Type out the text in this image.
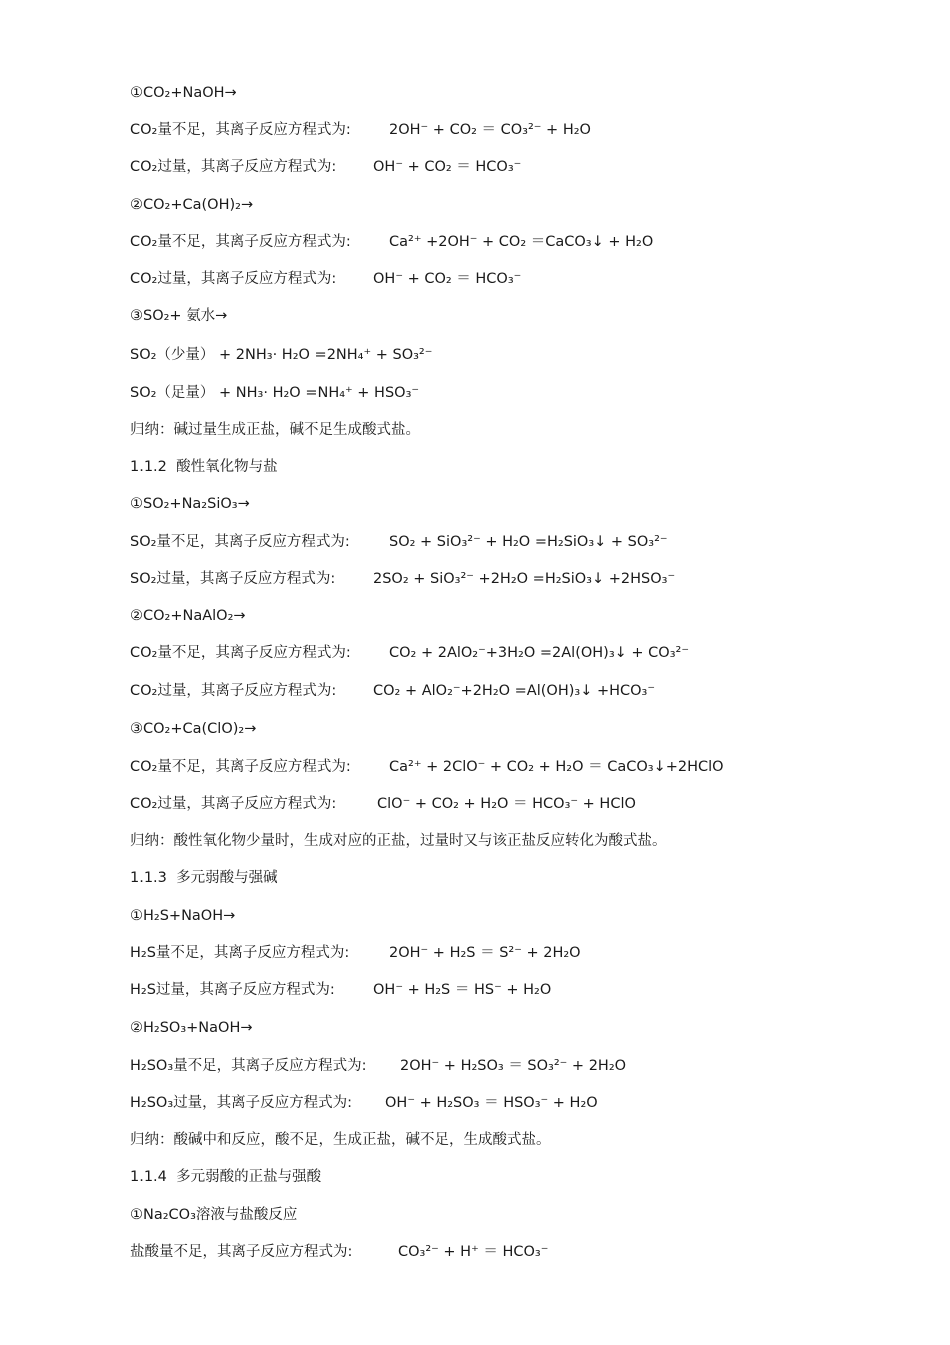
①CO₂+NaOH→
CO₂量不足，其离子反应方程式为:	2OH⁻ + CO₂ ＝ CO₃²⁻ + H₂O
CO₂过量，其离子反应方程式为:	OH⁻ + CO₂ ＝ HCO₃⁻
②CO₂+Ca(OH)₂→
CO₂量不足，其离子反应方程式为:	Ca²⁺ +2OH⁻ + CO₂ ＝CaCO₃↓ + H₂O
CO₂过量，其离子反应方程式为:	OH⁻ + CO₂ ＝ HCO₃⁻
③SO₂+ 氨水→
SO₂（少量） + 2NH₃· H₂O =2NH₄⁺ + SO₃²⁻
SO₂（足量） + NH₃· H₂O =NH₄⁺ + HSO₃⁻
归纳：碱过量生成正盐，碱不足生成酸式盐。
1.1.2  酸性氧化物与盐
①SO₂+Na₂SiO₃→
SO₂量不足，其离子反应方程式为:	SO₂ + SiO₃²⁻ + H₂O =H₂SiO₃↓ + SO₃²⁻
SO₂过量，其离子反应方程式为:	2SO₂ + SiO₃²⁻ +2H₂O =H₂SiO₃↓ +2HSO₃⁻
②CO₂+NaAlO₂→
CO₂量不足，其离子反应方程式为:	CO₂ + 2AlO₂⁻+3H₂O =2Al(OH)₃↓ + CO₃²⁻
CO₂过量，其离子反应方程式为:	CO₂ + AlO₂⁻+2H₂O =Al(OH)₃↓ +HCO₃⁻
③CO₂+Ca(ClO)₂→
CO₂量不足，其离子反应方程式为:	Ca²⁺ + 2ClO⁻ + CO₂ + H₂O ＝ CaCO₃↓+2HClO
CO₂过量，其离子反应方程式为:	ClO⁻ + CO₂ + H₂O ＝ HCO₃⁻ + HClO
归纳：酸性氧化物少量时，生成对应的正盐，过量时又与该正盐反应转化为酸式盐。
1.1.3  多元弱酸与强碱
①H₂S+NaOH→
H₂S量不足，其离子反应方程式为:	2OH⁻ + H₂S ＝ S²⁻ + 2H₂O
H₂S过量，其离子反应方程式为:	OH⁻ + H₂S ＝ HS⁻ + H₂O
②H₂SO₃+NaOH→
H₂SO₃量不足，其离子反应方程式为: 2OH⁻ + H₂SO₃ ＝ SO₃²⁻ + 2H₂O
H₂SO₃过量，其离子反应方程式为: OH⁻ + H₂SO₃ ＝ HSO₃⁻ + H₂O
归纳：酸碱中和反应，酸不足，生成正盐，碱不足，生成酸式盐。
1.1.4  多元弱酸的正盐与强酸
①Na₂CO₃溶液与盐酸反应
盐酸量不足，其离子反应方程式为:	CO₃²⁻ + H⁺ ＝ HCO₃⁻
